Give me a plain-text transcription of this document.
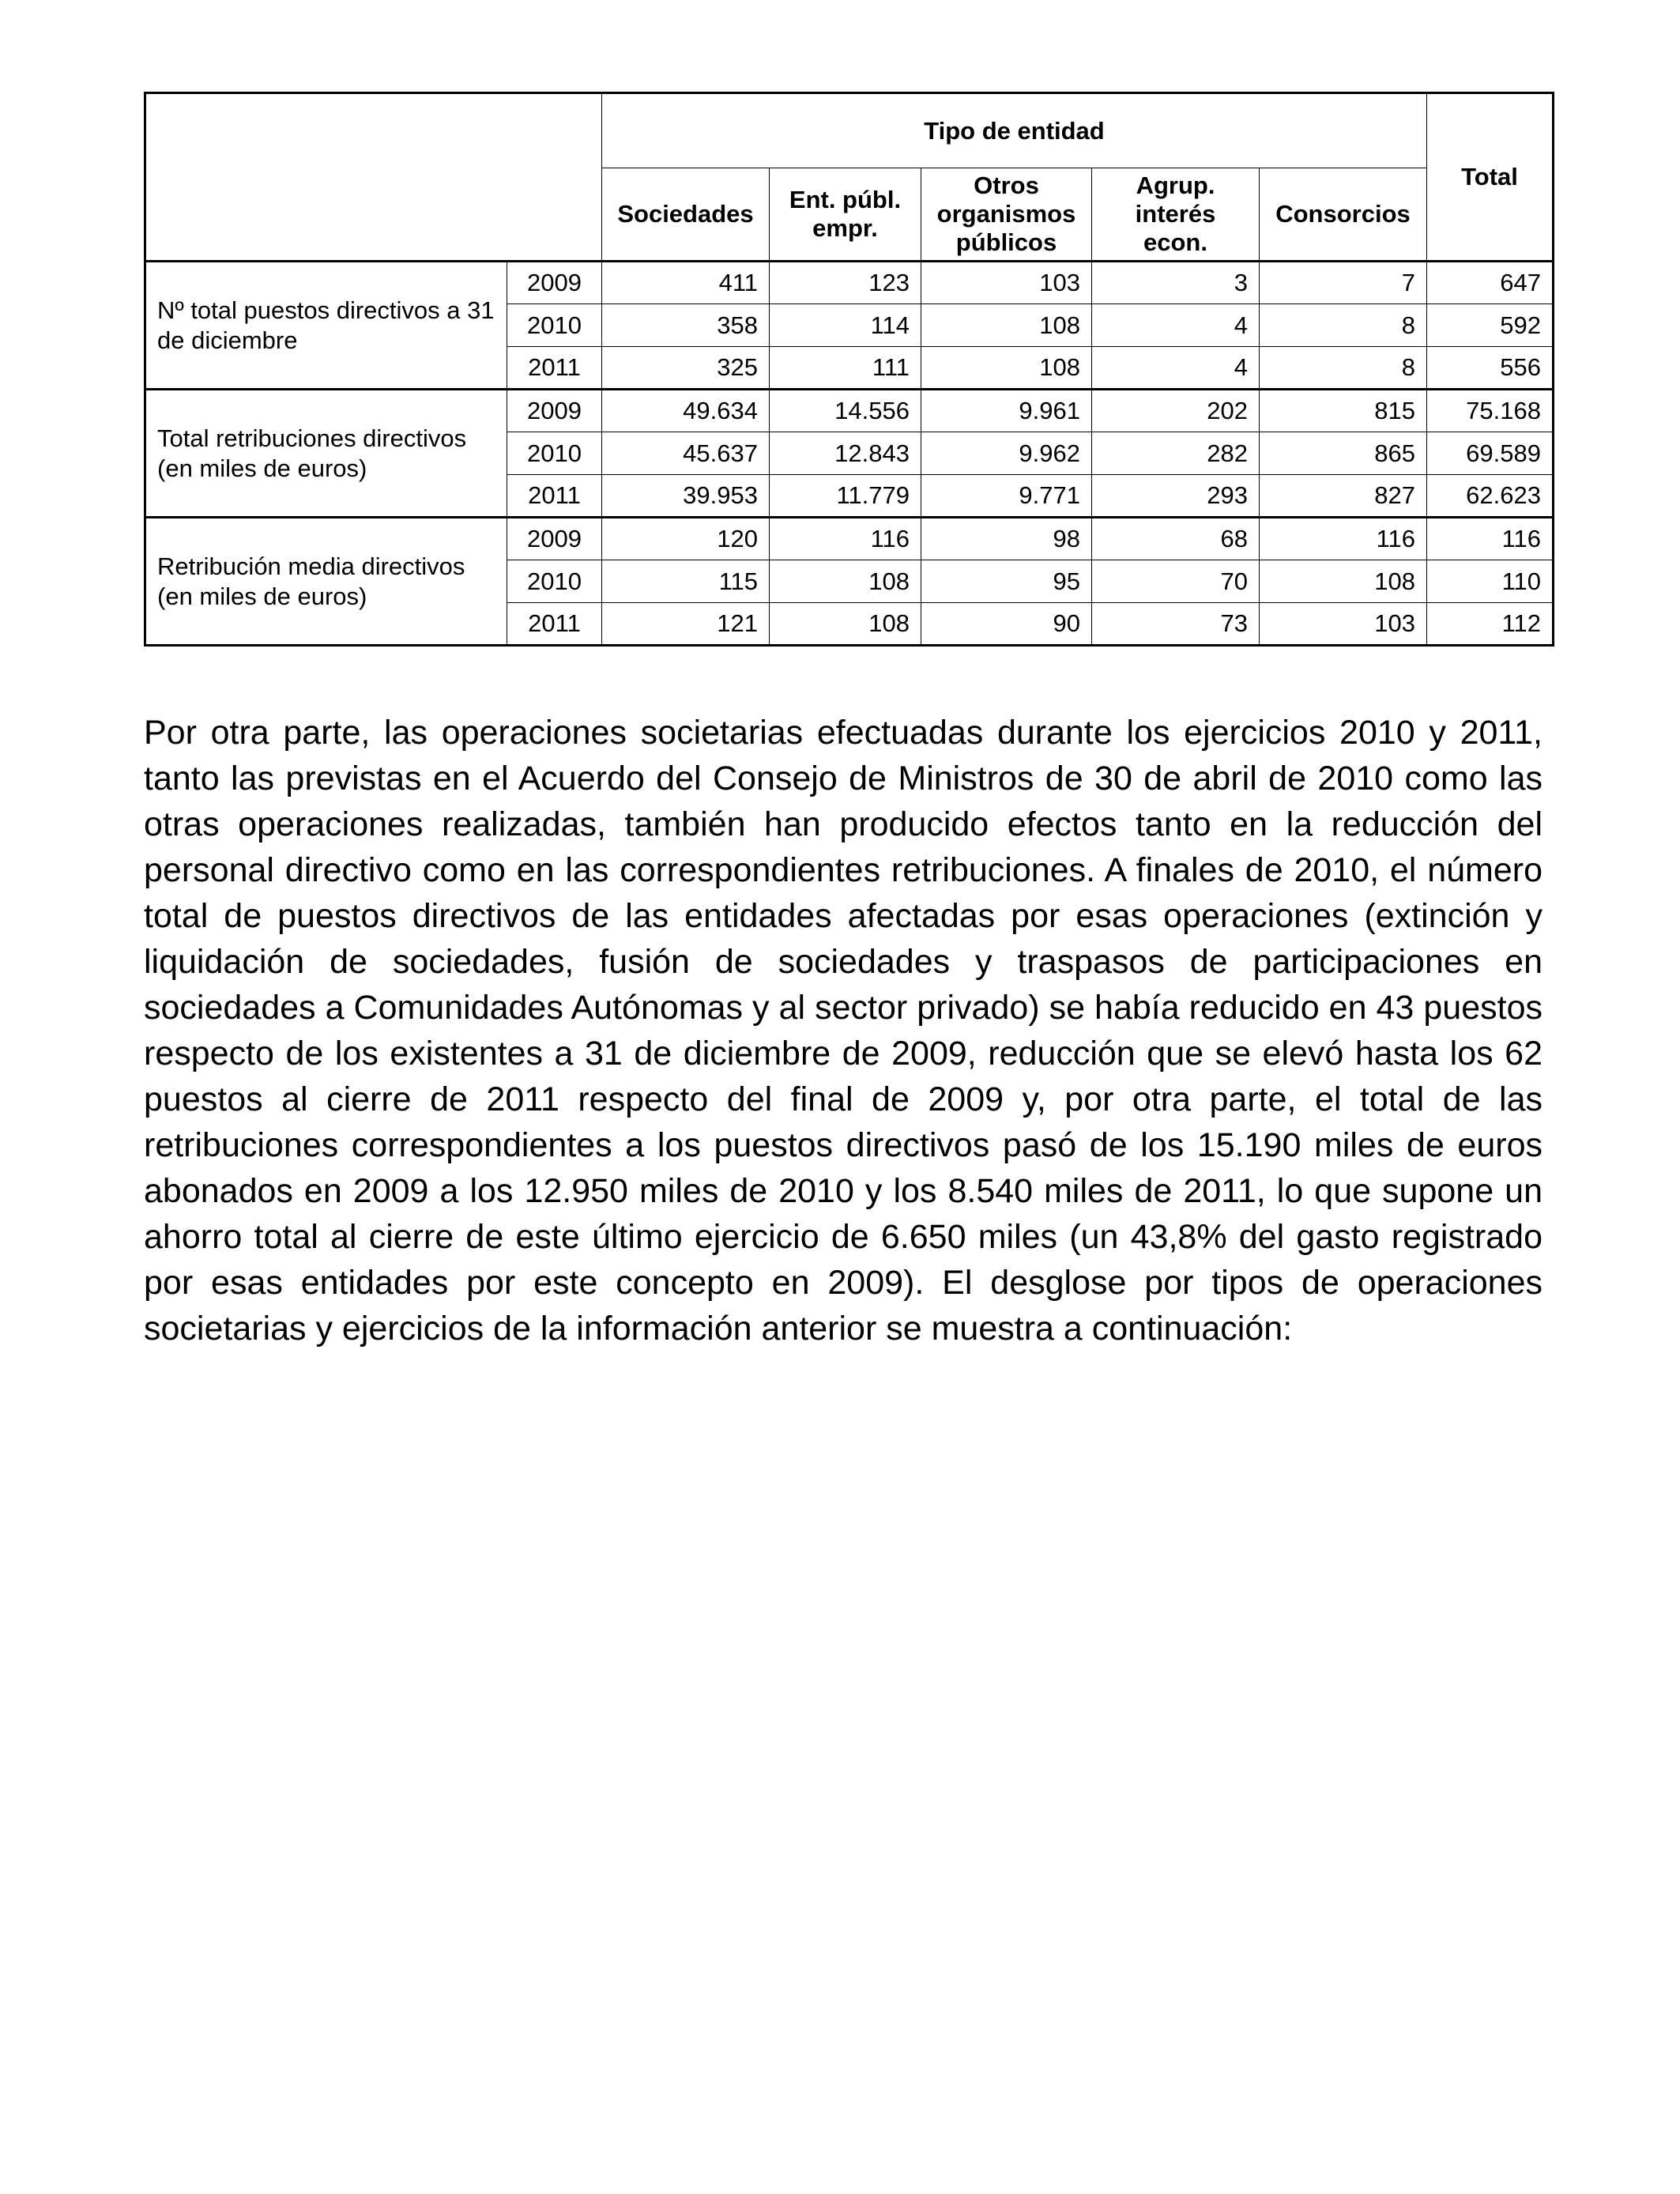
		Tipo de entidad					Total
		Sociedades	Ent. públ. empr.	Otros organismos públicos	Agrup. interés econ.	Consorcios	
Nº total puestos directivos a 31 de diciembre	2009	411	123	103	3	7	647
	2010	358	114	108	4	8	592
	2011	325	111	108	4	8	556
Total retribuciones directivos (en miles de euros)	2009	49.634	14.556	9.961	202	815	75.168
	2010	45.637	12.843	9.962	282	865	69.589
	2011	39.953	11.779	9.771	293	827	62.623
Retribución media directivos (en miles de euros)	2009	120	116	98	68	116	116
	2010	115	108	95	70	108	110
	2011	121	108	90	73	103	112

Por otra parte, las operaciones societarias efectuadas durante los ejercicios 2010 y 2011, tanto las previstas en el Acuerdo del Consejo de Ministros de 30 de abril de 2010 como las otras operaciones realizadas, también han producido efectos tanto en la reducción del personal directivo como en las correspondientes retribuciones. A finales de 2010, el número total de puestos directivos de las entidades afectadas por esas operaciones (extinción y liquidación de sociedades, fusión de sociedades y traspasos de participaciones en sociedades a Comunidades Autónomas y al sector privado) se había reducido en 43 puestos respecto de los existentes a 31 de diciembre de 2009, reducción que se elevó hasta los 62 puestos al cierre de 2011 respecto del final de 2009 y, por otra parte, el total de las retribuciones correspondientes a los puestos directivos pasó de los 15.190 miles de euros abonados en 2009 a los 12.950 miles de 2010 y los 8.540 miles de 2011, lo que supone un ahorro total al cierre de este último ejercicio de 6.650 miles (un 43,8% del gasto registrado por esas entidades por este concepto en 2009). El desglose por tipos de operaciones societarias y ejercicios de la información anterior se muestra a continuación:
